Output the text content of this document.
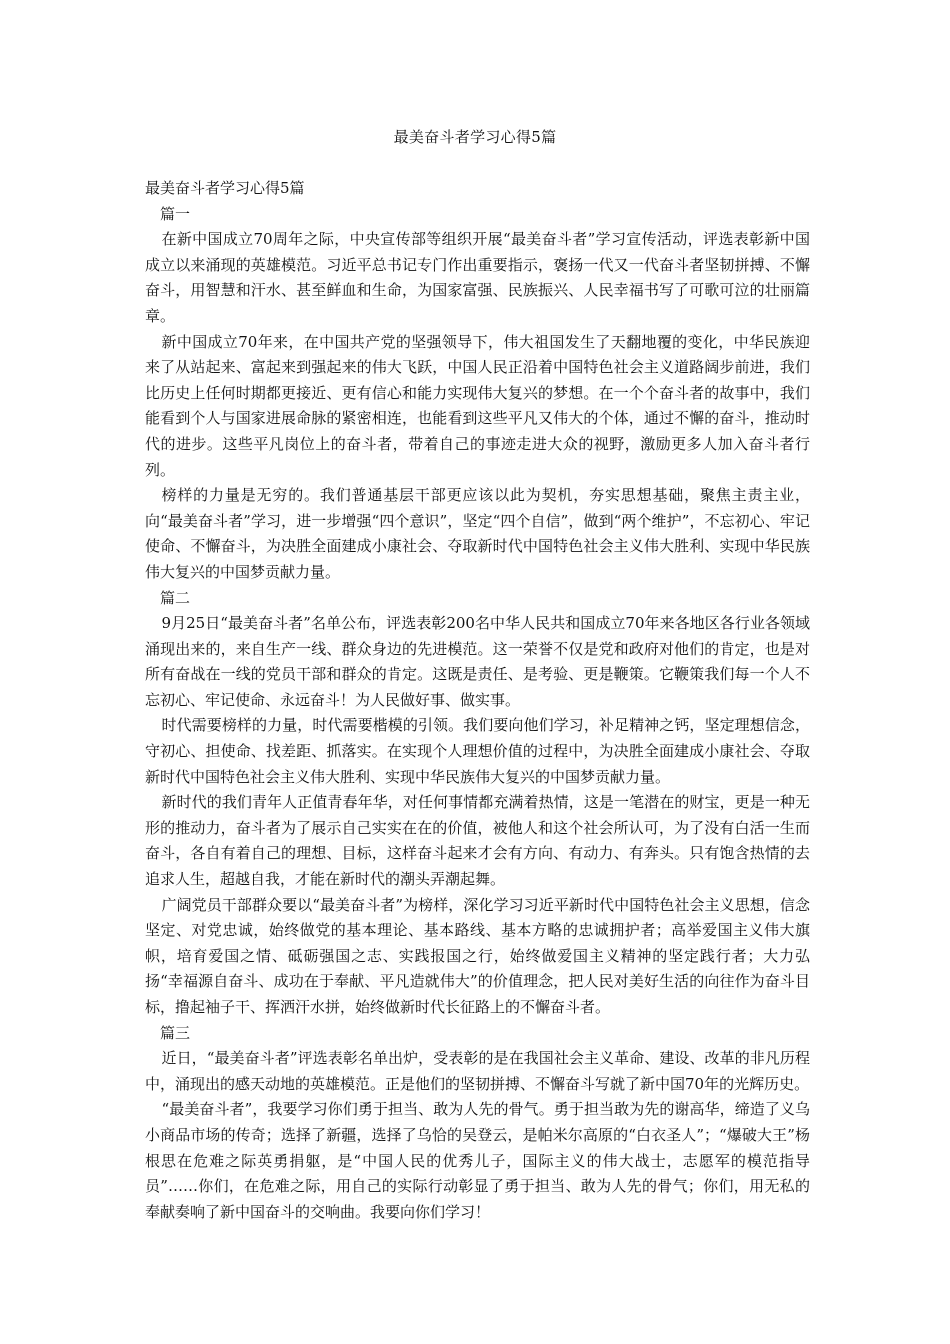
最美奋斗者学习心得5篇

最美奋斗者学习心得5篇

篇一

在新中国成立70周年之际，中央宣传部等组织开展“最美奋斗者”学习宣传活动，评选表彰新中国成立以来涌现的英雄模范。习近平总书记专门作出重要指示，褒扬一代又一代奋斗者坚韧拼搏、不懈奋斗，用智慧和汗水、甚至鲜血和生命，为国家富强、民族振兴、人民幸福书写了可歌可泣的壮丽篇章。

新中国成立70年来，在中国共产党的坚强领导下，伟大祖国发生了天翻地覆的变化，中华民族迎来了从站起来、富起来到强起来的伟大飞跃，中国人民正沿着中国特色社会主义道路阔步前进，我们比历史上任何时期都更接近、更有信心和能力实现伟大复兴的梦想。在一个个奋斗者的故事中，我们能看到个人与国家进展命脉的紧密相连，也能看到这些平凡又伟大的个体，通过不懈的奋斗，推动时代的进步。这些平凡岗位上的奋斗者，带着自己的事迹走进大众的视野，激励更多人加入奋斗者行列。

榜样的力量是无穷的。我们普通基层干部更应该以此为契机，夯实思想基础，聚焦主责主业，向“最美奋斗者”学习，进一步增强“四个意识”，坚定“四个自信”，做到“两个维护”，不忘初心、牢记使命、不懈奋斗，为决胜全面建成小康社会、夺取新时代中国特色社会主义伟大胜利、实现中华民族伟大复兴的中国梦贡献力量。

篇二

9月25日“最美奋斗者”名单公布，评选表彰200名中华人民共和国成立70年来各地区各行业各领域涌现出来的，来自生产一线、群众身边的先进模范。这一荣誉不仅是党和政府对他们的肯定，也是对所有奋战在一线的党员干部和群众的肯定。这既是责任、是考验、更是鞭策。它鞭策我们每一个人不忘初心、牢记使命、永远奋斗！为人民做好事、做实事。

时代需要榜样的力量，时代需要楷模的引领。我们要向他们学习，补足精神之钙，坚定理想信念，守初心、担使命、找差距、抓落实。在实现个人理想价值的过程中，为决胜全面建成小康社会、夺取新时代中国特色社会主义伟大胜利、实现中华民族伟大复兴的中国梦贡献力量。

新时代的我们青年人正值青春年华，对任何事情都充满着热情，这是一笔潜在的财宝，更是一种无形的推动力，奋斗者为了展示自己实实在在的价值，被他人和这个社会所认可，为了没有白活一生而奋斗，各自有着自己的理想、目标，这样奋斗起来才会有方向、有动力、有奔头。只有饱含热情的去追求人生，超越自我，才能在新时代的潮头弄潮起舞。

广阔党员干部群众要以“最美奋斗者”为榜样，深化学习习近平新时代中国特色社会主义思想，信念坚定、对党忠诚，始终做党的基本理论、基本路线、基本方略的忠诚拥护者；高举爱国主义伟大旗帜，培育爱国之情、砥砺强国之志、实践报国之行，始终做爱国主义精神的坚定践行者；大力弘扬“幸福源自奋斗、成功在于奉献、平凡造就伟大”的价值理念，把人民对美好生活的向往作为奋斗目标，撸起袖子干、挥洒汗水拼，始终做新时代长征路上的不懈奋斗者。

篇三

近日，“最美奋斗者”评选表彰名单出炉，受表彰的是在我国社会主义革命、建设、改革的非凡历程中，涌现出的感天动地的英雄模范。正是他们的坚韧拼搏、不懈奋斗写就了新中国70年的光辉历史。

“最美奋斗者”，我要学习你们勇于担当、敢为人先的骨气。勇于担当敢为先的谢高华，缔造了义乌小商品市场的传奇；选择了新疆，选择了乌恰的吴登云，是帕米尔高原的“白衣圣人”；“爆破大王”杨根思在危难之际英勇捐躯，是“中国人民的优秀儿子，国际主义的伟大战士，志愿军的模范指导员”……你们，在危难之际，用自己的实际行动彰显了勇于担当、敢为人先的骨气；你们，用无私的奉献奏响了新中国奋斗的交响曲。我要向你们学习！
